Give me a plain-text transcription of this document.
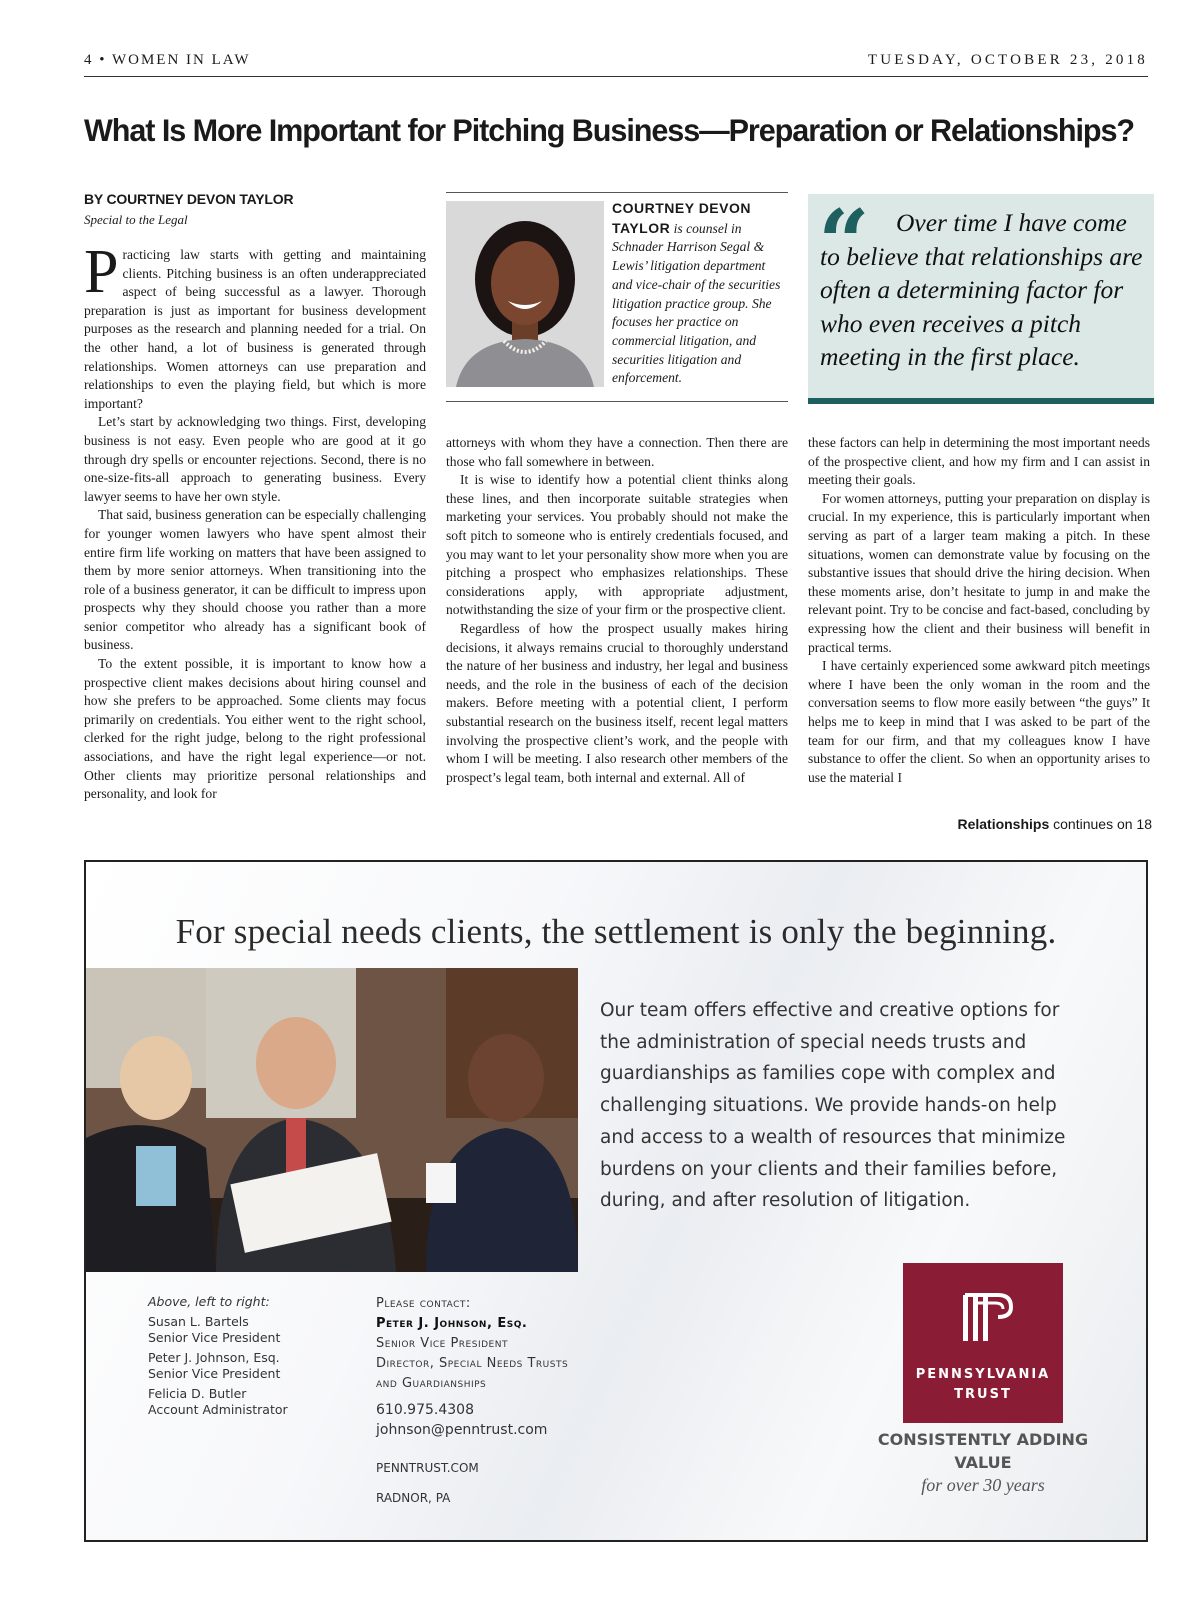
4 • WOMEN IN LAW	TUESDAY, OCTOBER 23, 2018
What Is More Important for Pitching Business—Preparation or Relationships?
BY COURTNEY DEVON TAYLOR
Special to the Legal

Practicing law starts with getting and maintaining clients. Pitching business is an often underappreciated aspect of being successful as a lawyer. Thorough preparation is just as important for business development purposes as the research and planning needed for a trial. On the other hand, a lot of business is generated through relationships. Women attorneys can use preparation and relationships to even the playing field, but which is more important?

Let’s start by acknowledging two things. First, developing business is not easy. Even people who are good at it go through dry spells or encounter rejections. Second, there is no one-size-fits-all approach to generating business. Every lawyer seems to have her own style.

That said, business generation can be especially challenging for younger women lawyers who have spent almost their entire firm life working on matters that have been assigned to them by more senior attorneys. When transitioning into the role of a business generator, it can be difficult to impress upon prospects why they should choose you rather than a more senior competitor who already has a significant book of business.

To the extent possible, it is important to know how a prospective client makes decisions about hiring counsel and how she prefers to be approached. Some clients may focus primarily on credentials. You either went to the right school, clerked for the right judge, belong to the right professional associations, and have the right legal experience—or not. Other clients may prioritize personal relationships and personality, and look for

COURTNEY DEVON TAYLOR is counsel in Schnader Harrison Segal & Lewis’ litigation department and vice-chair of the securities litigation practice group. She focuses her practice on commercial litigation, and securities litigation and enforcement.
“	Over time I have come to believe that relationships are often a determining factor for who even receives a pitch meeting in the first place.

attorneys with whom they have a connection. Then there are those who fall somewhere in between.

It is wise to identify how a potential client thinks along these lines, and then incorporate suitable strategies when marketing your services. You probably should not make the soft pitch to someone who is entirely credentials focused, and you may want to let your personality show more when you are pitching a prospect who emphasizes relationships. These considerations apply, with appropriate adjustment, notwithstanding the size of your firm or the prospective client.

Regardless of how the prospect usually makes hiring decisions, it always remains crucial to thoroughly understand the nature of her business and industry, her legal and business needs, and the role in the business of each of the decision makers. Before meeting with a potential client, I perform substantial research on the business itself, recent legal matters involving the prospective client’s work, and the people with whom I will be meeting. I also research other members of the prospect’s legal team, both internal and external. All of

these factors can help in determining the most important needs of the prospective client, and how my firm and I can assist in meeting their goals.

For women attorneys, putting your preparation on display is crucial. In my experience, this is particularly important when serving as part of a larger team making a pitch. In these situations, women can demonstrate value by focusing on the substantive issues that should drive the hiring decision. When these moments arise, don’t hesitate to jump in and make the relevant point. Try to be concise and fact-based, concluding by expressing how the client and their business will benefit in practical terms.

I have certainly experienced some awkward pitch meetings where I have been the only woman in the room and the conversation seems to flow more easily between “the guys” It helps me to keep in mind that I was asked to be part of the team for our firm, and that my colleagues know I have substance to offer the client. So when an opportunity arises to use the material I

Relationships continues on 18
For special needs clients, the settlement is only the beginning.
Our team offers effective and creative options for the administration of special needs trusts and guardianships as families cope with complex and challenging situations. We provide hands-on help and access to a wealth of resources that minimize burdens on your clients and their families before, during, and after resolution of litigation.
Above, left to right:
Susan L. Bartels
Senior Vice President
Peter J. Johnson, Esq.
Senior Vice President
Felicia D. Butler
Account Administrator
Please contact:
Peter J. Johnson, Esq.
Senior Vice President
Director, Special Needs Trusts
and Guardianships
610.975.4308
johnson@penntrust.com
PENNTRUST.COM
RADNOR, PA
PENNSYLVANIA
TRUST
CONSISTENTLY ADDING
VALUE
for over 30 years
